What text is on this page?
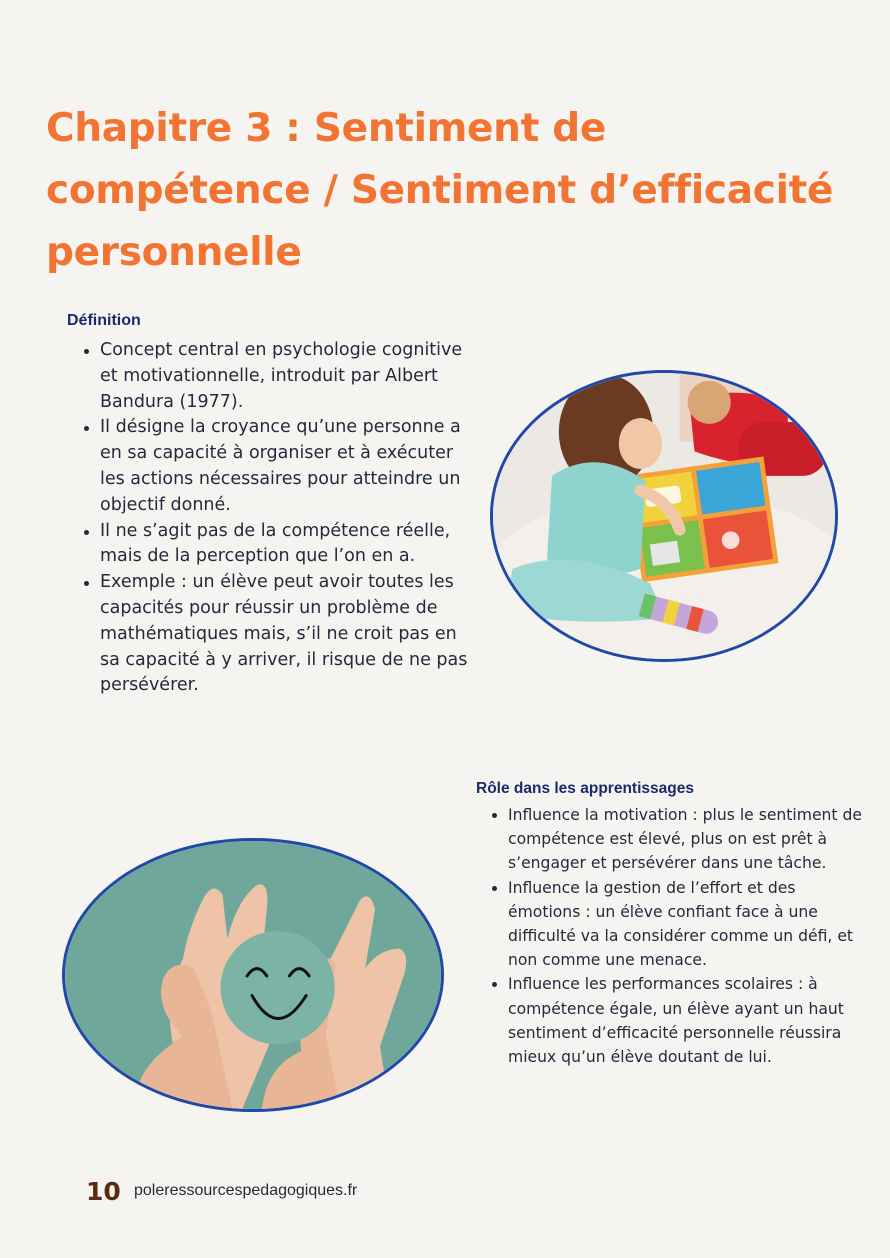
Chapitre 3 : Sentiment de compétence / Sentiment d’efficacité personnelle
Définition
Concept central en psychologie cognitive et motivationnelle, introduit par Albert Bandura (1977).
Il désigne la croyance qu’une personne a en sa capacité à organiser et à exécuter les actions nécessaires pour atteindre un objectif donné.
Il ne s’agit pas de la compétence réelle, mais de la perception que l’on en a.
Exemple : un élève peut avoir toutes les capacités pour réussir un problème de mathématiques mais, s’il ne croit pas en sa capacité à y arriver, il risque de ne pas persévérer.
Rôle dans les apprentissages
Influence la motivation : plus le sentiment de compétence est élevé, plus on est prêt à s’engager et persévérer dans une tâche.
Influence la gestion de l’effort et des émotions : un élève confiant face à une difficulté va la considérer comme un défi, et non comme une menace.
Influence les performances scolaires : à compétence égale, un élève ayant un haut sentiment d’efficacité personnelle réussira mieux qu’un élève doutant de lui.
10 poleressourcespedagogiques.fr
